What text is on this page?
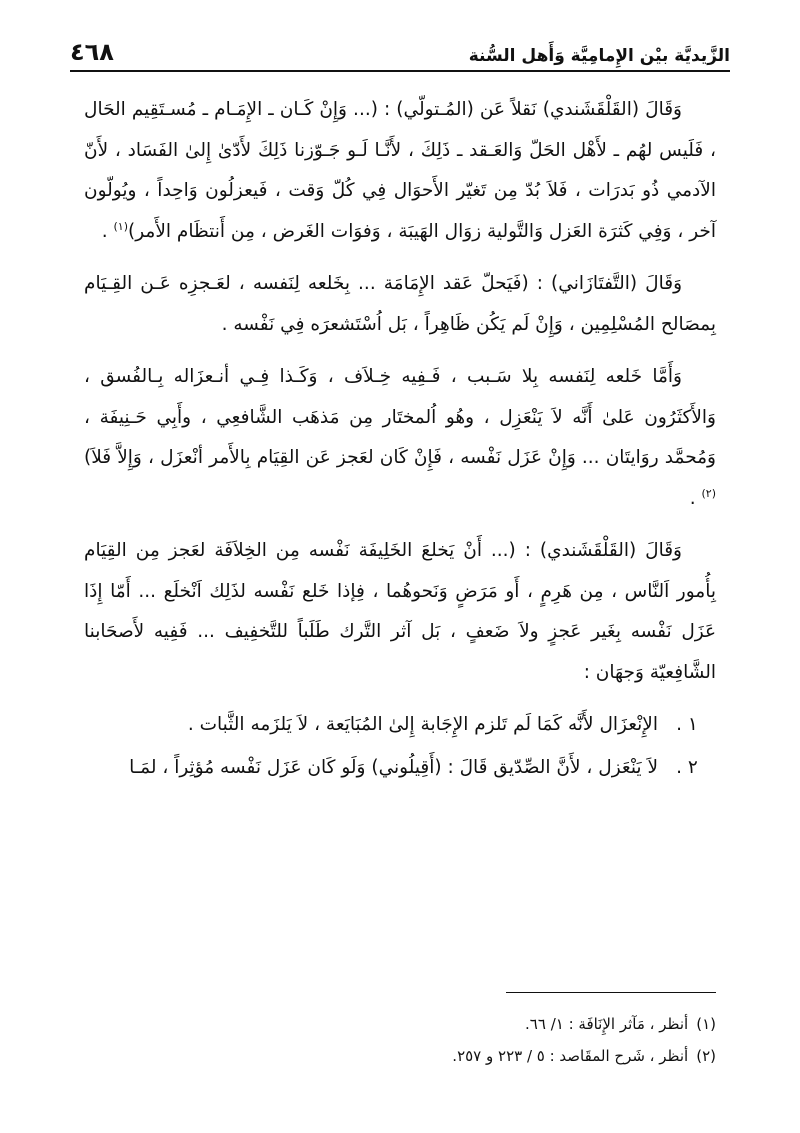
الزَّيديَّة بيْن الإِمامِيَّة وَأَهل السُّنة
٤٦٨

وَقَالَ (القَلْقَشَندي) نَقلاً عَن (المُـتولّي) : (... وَإِنْ كَـان ـ الإِمَـام ـ مُسـتَقِيم الحَال ، فَلَيس لهُم ـ لأَهْل الحَلّ وَالعَـقد ـ ذَلِكَ ، لأَنَّـا لَـو جَـوّزنا ذَلِكَ لأَدّىٰ إِلىٰ الفَسَاد ، لأَنّ الآدمي ذُو بَدرَات ، فَلاَ بُدّ مِن تَغيّر الأَحوَال فِي كُلّ وَقت ، فَيعزلُون وَاحِداً ، ويُولّون آخر ، وَفِي كَثرَة العَزل وَالتَّولية زوَال الهَيبَة ، وَفوَات الغَرض ، مِن أَنتظَام الأَمر)$^{(١)}$ .

وَقَالَ (التَّفتَازَاني) : (فَيَحلّ عَقد الإِمَامَة ... بِخَلعه لِنَفسه ، لعَـجزِه عَـن القِـيَام بِمصَالح المُسْلِمِين ، وَإِنْ لَم يَكُن ظَاهِراً ، بَل اُسْتَشعرَه فِي نَفْسه .

وَأَمَّا خَلعه لِنَفسه بِلا سَـبب ، فَـفِيه خِـلاَف ، وَكَـذا فِـي أنـعزَاله بِـالفُسق ، وَالأَكثَرُون عَلىٰ أَنَّه لاَ يَنْعَزِل ، وهُو اُلمختَار مِن مَذهَب الشَّافعِي ، وأَبِي حَـنِيفَة ، وَمُحمَّد روَايتَان ... وَإِنْ عَزَل نَفْسه ، فَإِنْ كَان لعَجز عَن القِيَام بِالأَمر أنْعزَل ، وَإِلاَّ فَلاَ)$^{(٢)}$ .

وَقَالَ (القَلْقَشَندي) : (... أَنْ يَخلعَ الخَلِيفَة نَفْسه مِن الخِلاَفَة لعَجز مِن القِيَام بِأُمور اَلنَّاس ، مِن هَرِمٍ ، أَو مَرَضٍ وَنَحوهُما ، فِإذا خَلع نَفْسه لذَلِك اَنْخلَع ... أَمّا إِذَا عَزَل نَفْسه بِغَير عَجزٍ ولاَ ضَعفٍ ، بَل آثر التَّرك طَلَباً للتَّخفِيف ... فَفِيه لأَصحَابنا الشَّافِعيّة وَجهَان :

١ .
الإِنْعزَال لأَنَّه كَمَا لَم تَلزم الإِجَابة إِلىٰ المُبَايَعة ، لاَ يَلزَمه الثَّبات .
٢ .
لاَ يَنْعَزل ، لأَنَّ الصِّدّيق قَالَ : (أَقِيلُوني) وَلَو كَان عَزَل نَفْسه مُؤثِراً ، لمَـا
(١)
أنظر ، مَآثر الإِنَافَة : ١/ ٦٦.
(٢)
أنظر ، شَرح المقَاصد : ٥ / ٢٢٣ و ٢٥٧.
